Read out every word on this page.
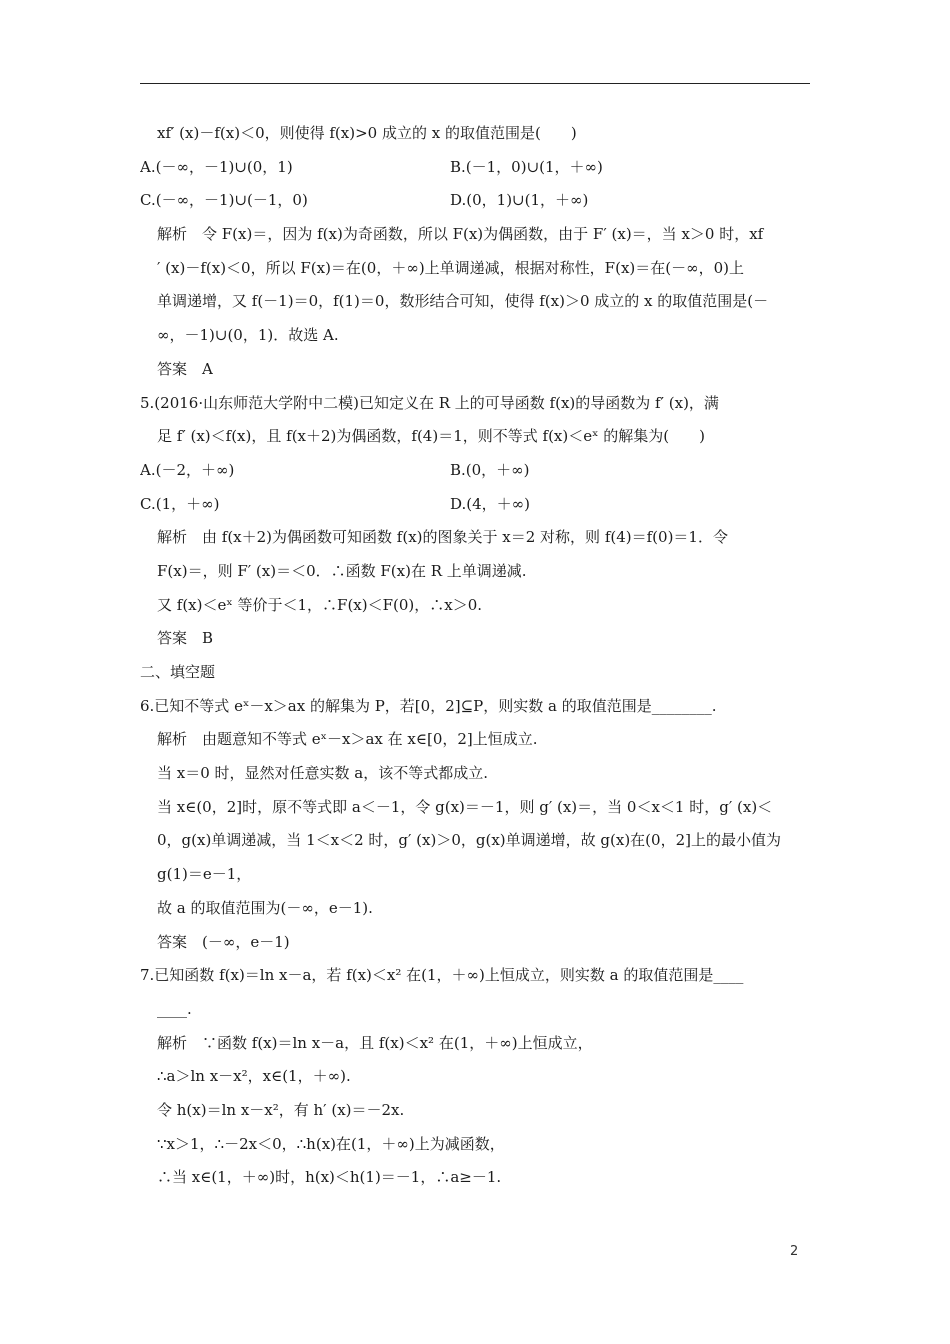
xf′ (x)－f(x)＜0，则使得 f(x)>0 成立的 x 的取值范围是(　　)
A.(－∞，－1)∪(0，1)	B.(－1，0)∪(1，＋∞)
C.(－∞，－1)∪(－1，0)	D.(0，1)∪(1，＋∞)
解析　令 F(x)＝，因为 f(x)为奇函数，所以 F(x)为偶函数，由于 F′ (x)＝，当 x＞0 时，xf
′ (x)－f(x)＜0，所以 F(x)＝在(0，＋∞)上单调递减，根据对称性，F(x)＝在(－∞，0)上
单调递增，又 f(－1)＝0，f(1)＝0，数形结合可知，使得 f(x)＞0 成立的 x 的取值范围是(－
∞，－1)∪(0，1)．故选 A.
答案　A
5.(2016·山东师范大学附中二模)已知定义在 R 上的可导函数 f(x)的导函数为 f′ (x)，满
足 f′ (x)＜f(x)，且 f(x＋2)为偶函数，f(4)＝1，则不等式 f(x)＜eˣ 的解集为(　　)
A.(－2，＋∞)	B.(0，＋∞)
C.(1，＋∞)	D.(4，＋∞)
解析　由 f(x＋2)为偶函数可知函数 f(x)的图象关于 x＝2 对称，则 f(4)＝f(0)＝1．令
F(x)＝，则 F′ (x)＝＜0．∴函数 F(x)在 R 上单调递减.
又 f(x)＜eˣ 等价于＜1，∴F(x)＜F(0)，∴x＞0.
答案　B
二、填空题
6.已知不等式 eˣ－x＞ax 的解集为 P，若[0，2]⊆P，则实数 a 的取值范围是________.
解析　由题意知不等式 eˣ－x＞ax 在 x∈[0，2]上恒成立.
当 x＝0 时，显然对任意实数 a，该不等式都成立.
当 x∈(0，2]时，原不等式即 a＜－1，令 g(x)＝－1，则 g′ (x)＝，当 0＜x＜1 时，g′ (x)＜
0，g(x)单调递减，当 1＜x＜2 时，g′ (x)＞0，g(x)单调递增，故 g(x)在(0，2]上的最小值为
g(1)＝e－1，
故 a 的取值范围为(－∞，e－1).
答案　(－∞，e－1)
7.已知函数 f(x)＝ln x－a，若 f(x)＜x² 在(1，＋∞)上恒成立，则实数 a 的取值范围是____
____.
解析　∵函数 f(x)＝ln x－a，且 f(x)＜x² 在(1，＋∞)上恒成立，
∴a＞ln x－x²，x∈(1，＋∞).
令 h(x)＝ln x－x²，有 h′ (x)＝－2x.
∵x＞1，∴－2x＜0，∴h(x)在(1，＋∞)上为减函数，
∴当 x∈(1，＋∞)时，h(x)＜h(1)＝－1，∴a≥－1.
2
